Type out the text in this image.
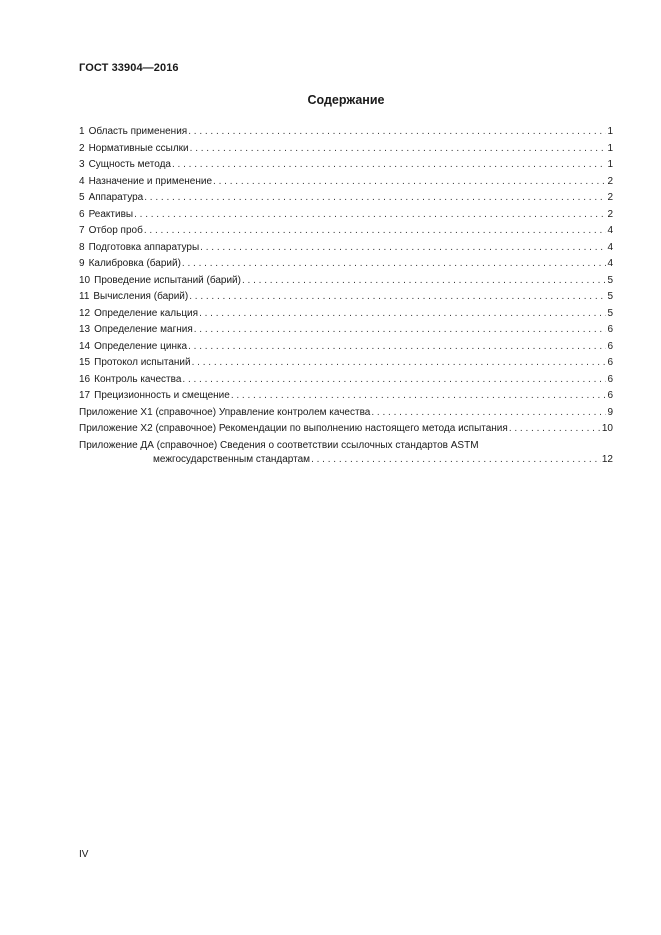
ГОСТ 33904—2016
Содержание
1 Область применения . . .	1
2 Нормативные ссылки . . .	1
3 Сущность метода . . .	1
4 Назначение и применение . . .	2
5 Аппаратура . . .	2
6 Реактивы . . .	2
7 Отбор проб . . .	4
8 Подготовка аппаратуры . . .	4
9 Калибровка (барий) . . .	4
10 Проведение испытаний (барий) . . .	5
11 Вычисления (барий) . . .	5
12 Определение кальция . . .	5
13 Определение магния . . .	6
14 Определение цинка . . .	6
15 Протокол испытаний . . .	6
16 Контроль качества . . .	6
17 Прецизионность и смещение . . .	6
Приложение Х1 (справочное) Управление контролем качества . . .	9
Приложение Х2 (справочное) Рекомендации по выполнению настоящего метода испытания . . .	10
Приложение ДА (справочное) Сведения о соответствии ссылочных стандартов ASTM
межгосударственным стандартам . . .	12
IV
